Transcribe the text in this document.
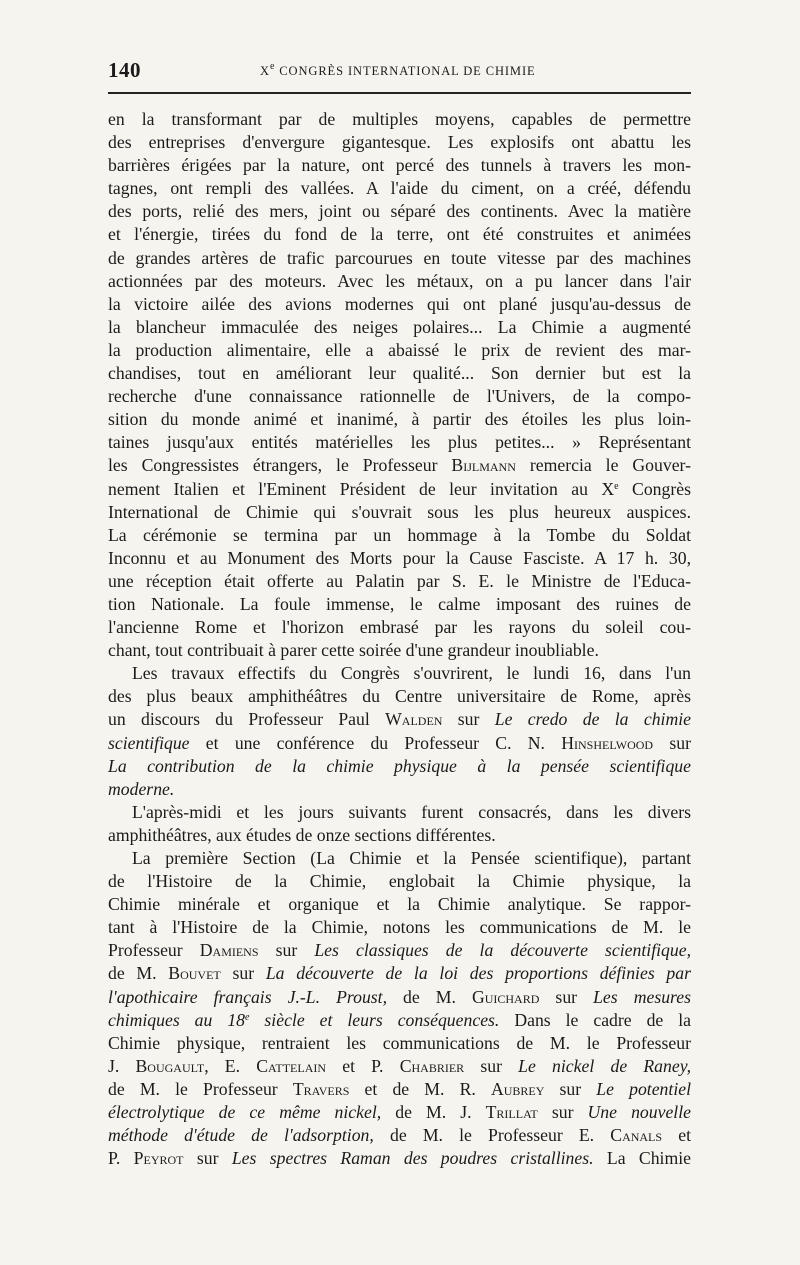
140	Xe CONGRÈS INTERNATIONAL DE CHIMIE

en la transformant par de multiples moyens, capables de permettre
des entreprises d'envergure gigantesque. Les explosifs ont abattu les
barrières érigées par la nature, ont percé des tunnels à travers les mon-
tagnes, ont rempli des vallées. A l'aide du ciment, on a créé, défendu
des ports, relié des mers, joint ou séparé des continents. Avec la matière
et l'énergie, tirées du fond de la terre, ont été construites et animées
de grandes artères de trafic parcourues en toute vitesse par des machines
actionnées par des moteurs. Avec les métaux, on a pu lancer dans l'air
la victoire ailée des avions modernes qui ont plané jusqu'au-dessus de
la blancheur immaculée des neiges polaires... La Chimie a augmenté
la production alimentaire, elle a abaissé le prix de revient des mar-
chandises, tout en améliorant leur qualité... Son dernier but est la
recherche d'une connaissance rationnelle de l'Univers, de la compo-
sition du monde animé et inanimé, à partir des étoiles les plus loin-
taines jusqu'aux entités matérielles les plus petites... » Représentant
les Congressistes étrangers, le Professeur Bijlmann remercia le Gouver-
nement Italien et l'Eminent Président de leur invitation au Xe Congrès
International de Chimie qui s'ouvrait sous les plus heureux auspices.
La cérémonie se termina par un hommage à la Tombe du Soldat
Inconnu et au Monument des Morts pour la Cause Fasciste. A 17 h. 30,
une réception était offerte au Palatin par S. E. le Ministre de l'Educa-
tion Nationale. La foule immense, le calme imposant des ruines de
l'ancienne Rome et l'horizon embrasé par les rayons du soleil cou-
chant, tout contribuait à parer cette soirée d'une grandeur inoubliable.

Les travaux effectifs du Congrès s'ouvrirent, le lundi 16, dans l'un
des plus beaux amphithéâtres du Centre universitaire de Rome, après
un discours du Professeur Paul Walden sur Le credo de la chimie
scientifique et une conférence du Professeur C. N. Hinshelwood sur
La contribution de la chimie physique à la pensée scientifique
moderne.

L'après-midi et les jours suivants furent consacrés, dans les divers
amphithéâtres, aux études de onze sections différentes.

La première Section (La Chimie et la Pensée scientifique), partant
de l'Histoire de la Chimie, englobait la Chimie physique, la
Chimie minérale et organique et la Chimie analytique. Se rappor-
tant à l'Histoire de la Chimie, notons les communications de M. le
Professeur Damiens sur Les classiques de la découverte scientifique,
de M. Bouvet sur La découverte de la loi des proportions définies par
l'apothicaire français J.-L. Proust, de M. Guichard sur Les mesures
chimiques au 18e siècle et leurs conséquences. Dans le cadre de la
Chimie physique, rentraient les communications de M. le Professeur
J. Bougault, E. Cattelain et P. Chabrier sur Le nickel de Raney,
de M. le Professeur Travers et de M. R. Aubrey sur Le potentiel
électrolytique de ce même nickel, de M. J. Trillat sur Une nouvelle
méthode d'étude de l'adsorption, de M. le Professeur E. Canals et
P. Peyrot sur Les spectres Raman des poudres cristallines. La Chimie
